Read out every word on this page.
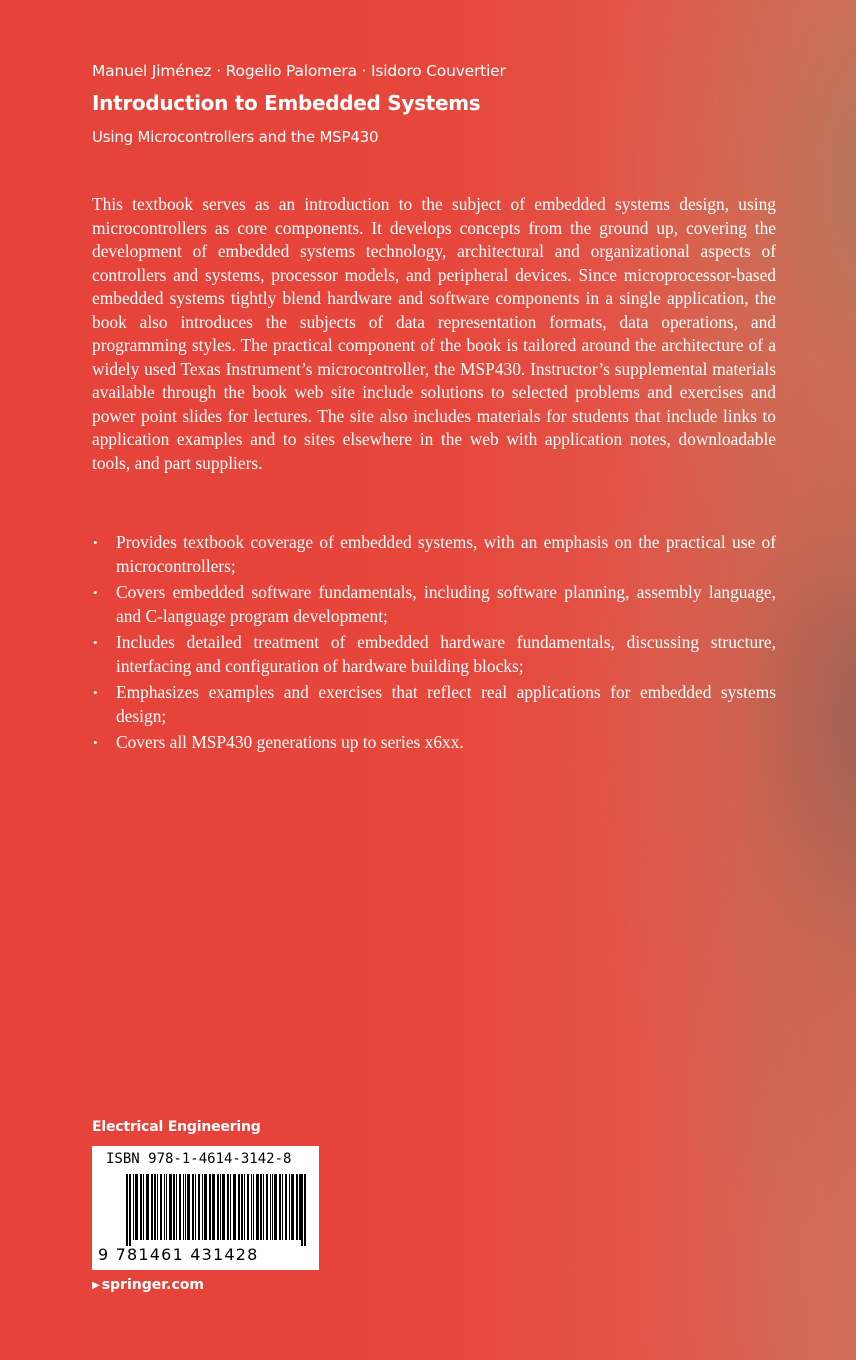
Manuel Jiménez · Rogelio Palomera · Isidoro Couvertier
Introduction to Embedded Systems
Using Microcontrollers and the MSP430

This textbook serves as an introduction to the subject of embedded systems design, using microcontrollers as core components. It develops concepts from the ground up, covering the development of embedded systems technology, architectural and organizational aspects of controllers and systems, processor models, and peripheral devices. Since microprocessor-based embedded systems tightly blend hardware and software components in a single application, the book also introduces the subjects of data representation formats, data operations, and programming styles. The practical component of the book is tailored around the architecture of a widely used Texas Instrument’s microcontroller, the MSP430. Instructor’s supplemental materials available through the book web site include solutions to selected problems and exercises and power point slides for lectures. The site also includes materials for students that include links to application examples and to sites elsewhere in the web with application notes, downloadable tools, and part suppliers.

• Provides textbook coverage of embedded systems, with an emphasis on the practical use of microcontrollers;
• Covers embedded software fundamentals, including software planning, assembly language, and C-language program development;
• Includes detailed treatment of embedded hardware fundamentals, discussing structure, interfacing and configuration of hardware building blocks;
• Emphasizes examples and exercises that reflect real applications for embedded systems design;
• Covers all MSP430 generations up to series x6xx.
Electrical Engineering
ISBN 978-1-4614-3142-8
9 781461 431428
▶ springer.com
